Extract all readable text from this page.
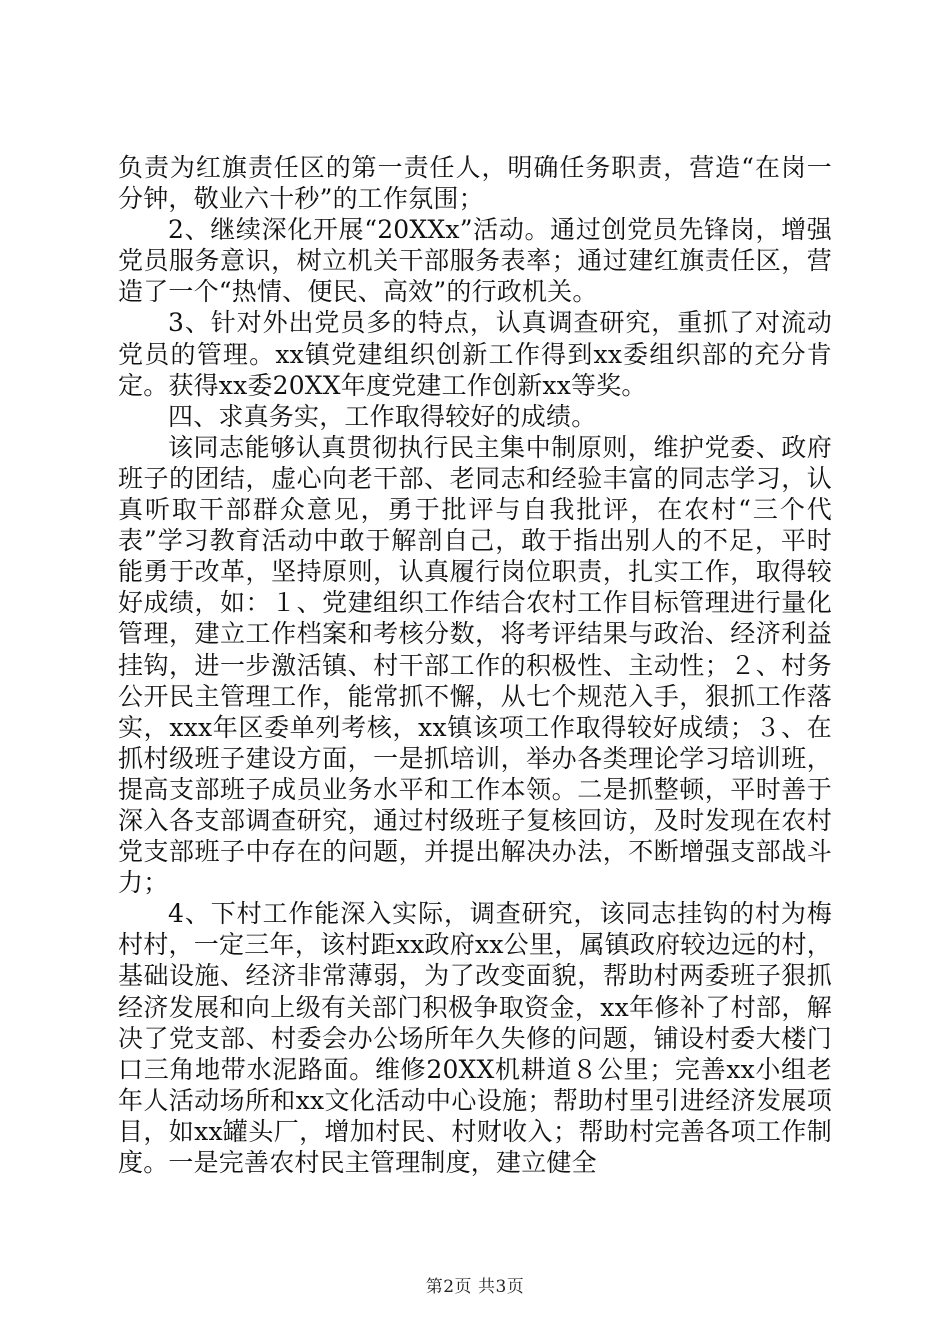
负责为红旗责任区的第一责任人，明确任务职责，营造“在岗一分钟，敬业六十秒”的工作氛围；

2、继续深化开展“20XXx”活动。通过创党员先锋岗，增强党员服务意识，树立机关干部服务表率；通过建红旗责任区，营造了一个“热情、便民、高效”的行政机关。

3、针对外出党员多的特点，认真调查研究，重抓了对流动党员的管理。xx镇党建组织创新工作得到xx委组织部的充分肯定。获得xx委20XX年度党建工作创新xx等奖。

四、求真务实，工作取得较好的成绩。

该同志能够认真贯彻执行民主集中制原则，维护党委、政府班子的团结，虚心向老干部、老同志和经验丰富的同志学习，认真听取干部群众意见，勇于批评与自我批评，在农村“三个代表”学习教育活动中敢于解剖自己，敢于指出别人的不足，平时能勇于改革，坚持原则，认真履行岗位职责，扎实工作，取得较好成绩，如：１、党建组织工作结合农村工作目标管理进行量化管理，建立工作档案和考核分数，将考评结果与政治、经济利益挂钩，进一步激活镇、村干部工作的积极性、主动性；２、村务公开民主管理工作，能常抓不懈，从七个规范入手，狠抓工作落实，xxx年区委单列考核，xx镇该项工作取得较好成绩；３、在抓村级班子建设方面，一是抓培训，举办各类理论学习培训班，提高支部班子成员业务水平和工作本领。二是抓整顿，平时善于深入各支部调查研究，通过村级班子复核回访，及时发现在农村党支部班子中存在的问题，并提出解决办法，不断增强支部战斗力；

4、下村工作能深入实际，调查研究，该同志挂钩的村为梅村村，一定三年，该村距xx政府xx公里，属镇政府较边远的村，基础设施、经济非常薄弱，为了改变面貌，帮助村两委班子狠抓经济发展和向上级有关部门积极争取资金，xx年修补了村部，解决了党支部、村委会办公场所年久失修的问题，铺设村委大楼门口三角地带水泥路面。维修20XX机耕道８公里；完善xx小组老年人活动场所和xx文化活动中心设施；帮助村里引进经济发展项目，如xx罐头厂，增加村民、村财收入；帮助村完善各项工作制度。一是完善农村民主管理制度，建立健全

第2页 共3页
